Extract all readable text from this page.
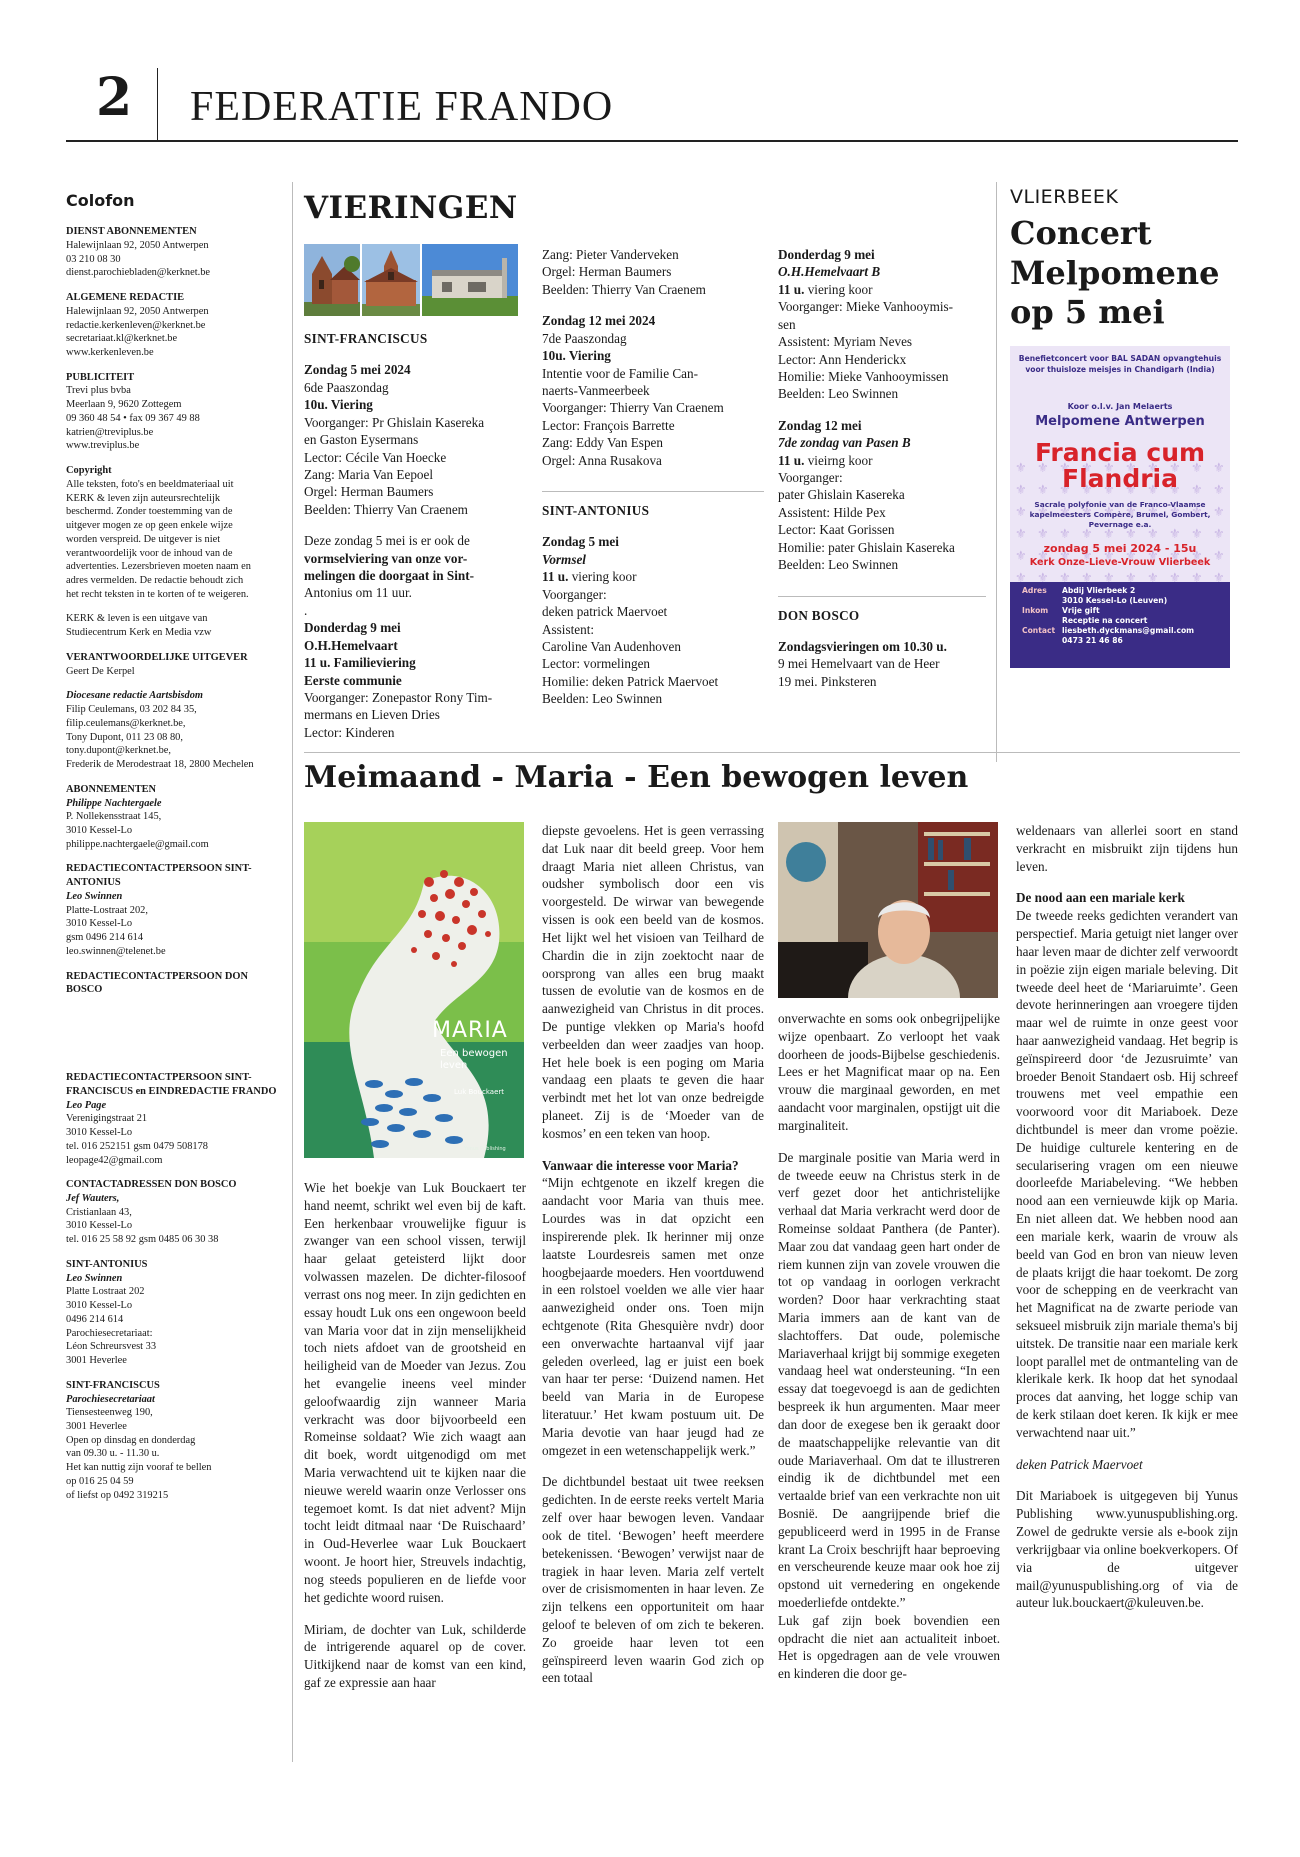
2 FEDERATIE FRANDO
Colofon
DIENST ABONNEMENTEN
Halewijnlaan 92, 2050 Antwerpen
03 210 08 30
dienst.parochiebladen@kerknet.be
ALGEMENE REDACTIE
Halewijnlaan 92, 2050 Antwerpen
redactie.kerkenleven@kerknet.be
secretariaat.kl@kerknet.be
www.kerkenleven.be
PUBLICITEIT
Trevi plus bvba
Meerlaan 9, 9620 Zottegem
09 360 48 54 • fax 09 367 49 88
katrien@treviplus.be
www.treviplus.be
Copyright
Alle teksten, foto's en beeldmateriaal uit
KERK & leven zijn auteursrechtelijk
beschermd. Zonder toestemming van de
uitgever mogen ze op geen enkele wijze
worden verspreid. De uitgever is niet
verantwoordelijk voor de inhoud van de
advertenties. Lezersbrieven moeten naam en
adres vermelden. De redactie behoudt zich
het recht teksten in te korten of te weigeren.
KERK & leven is een uitgave van
Studiecentrum Kerk en Media vzw
VERANTWOORDELIJKE UITGEVER
Geert De Kerpel
Diocesane redactie Aartsbisdom
Filip Ceulemans, 03 202 84 35,
filip.ceulemans@kerknet.be,
Tony Dupont, 011 23 08 80,
tony.dupont@kerknet.be,
Frederik de Merodestraat 18, 2800 Mechelen
ABONNEMENTEN
Philippe Nachtergaele
P. Nollekensstraat 145,
3010 Kessel-Lo
philippe.nachtergaele@gmail.com
REDACTIECONTACTPERSOON SINT-ANTONIUS
Leo Swinnen
Platte-Lostraat 202,
3010 Kessel-Lo
gsm 0496 214 614
leo.swinnen@telenet.be
REDACTIECONTACTPERSOON DON BOSCO
REDACTIECONTACTPERSOON SINT-FRANCISCUS en EINDREDACTIE FRANDO
Leo Page
Verenigingstraat 21
3010 Kessel-Lo
tel. 016 252151 gsm 0479 508178
leopage42@gmail.com
CONTACTADRESSEN DON BOSCO
Jef Wauters,
Cristianlaan 43,
3010 Kessel-Lo
tel. 016 25 58 92 gsm 0485 06 30 38
SINT-ANTONIUS
Leo Swinnen
Platte Lostraat 202
3010 Kessel-Lo
0496 214 614
Parochiesecretariaat:
Léon Schreursvest 33
3001 Heverlee
SINT-FRANCISCUS
Parochiesecretariaat
Tiensesteenweg 190,
3001 Heverlee
Open op dinsdag en donderdag
van 09.30 u. - 11.30 u.
Het kan nuttig zijn vooraf te bellen
op 016 25 04 59
of liefst op 0492 319215
VIERINGEN
SINT-FRANCISCUS

Zondag 5 mei 2024

6de Paaszondag

10u. Viering

Voorganger: Pr Ghislain Kasereka
en Gaston Eysermans
Lector: Cécile Van Hoecke
Zang: Maria Van Eepoel
Orgel: Herman Baumers
Beelden: Thierry Van Craenem
Deze zondag 5 mei is er ook de
vormselviering van onze vor-
melingen die doorgaat in Sint-
Antonius om 11 uur.

.

Donderdag 9 mei

O.H.Hemelvaart

11 u. Familieviering

Eerste communie

Voorganger: Zonepastor Rony Tim-
mermans en Lieven Dries
Lector: Kinderen
Zang: Pieter Vanderveken
Orgel: Herman Baumers
Beelden: Thierry Van Craenem

Zondag 12 mei 2024

7de Paaszondag

10u. Viering

Intentie voor de Familie Can-
naerts-Vanmeerbeek
Voorganger: Thierry Van Craenem
Lector: François Barrette
Zang: Eddy Van Espen
Orgel: Anna Rusakova
SINT-ANTONIUS

Zondag 5 mei

Vormsel

11 u. viering koor

Voorganger:
deken patrick Maervoet
Assistent:
Caroline Van Audenhoven
Lector: vormelingen
Homilie: deken Patrick Maervoet
Beelden: Leo Swinnen

Donderdag 9 mei

O.H.Hemelvaart B

11 u. viering koor

Voorganger: Mieke Vanhooymis-
sen
Assistent: Myriam Neves
Lector: Ann Henderickx
Homilie: Mieke Vanhooymissen
Beelden: Leo Swinnen

Zondag 12 mei

7de zondag van Pasen B

11 u. vieirng koor

Voorganger:
pater Ghislain Kasereka
Assistent: Hilde Pex
Lector: Kaat Gorissen
Homilie: pater Ghislain Kasereka
Beelden: Leo Swinnen
DON BOSCO

Zondagsvieringen om 10.30 u.

9 mei Hemelvaart van de Heer
19 mei. Pinksteren
VLIERBEEK
Concert
Melpomene
op 5 mei
Benefietconcert voor BAL SADAN opvangtehuis
voor thuisloze meisjes in Chandigarh (India)
Koor o.l.v. Jan Melaerts
Melpomene Antwerpen
Francia cum
Flandria
Sacrale polyfonie van de Franco-Vlaamse
kapelmeesters Compère, Brumel, Gombert,
Pevernage e.a.
zondag 5 mei 2024 - 15u
Kerk Onze-Lieve-Vrouw Vlierbeek
Adres

Inkom

Contact
Abdij Vlierbeek 2
3010 Kessel-Lo (Leuven)
Vrije gift
Receptie na concert
liesbeth.dyckmans@gmail.com
0473 21 46 86
Meimaand - Maria - Een bewogen leven
MARIA
Een bewogen
leven
Luk Bouckaert
Yunus Publishing

Wie het boekje van Luk Bouckaert ter hand neemt, schrikt wel even bij de kaft. Een herkenbaar vrouwelijke figuur is zwanger van een school vissen, terwijl haar gelaat geteisterd lijkt door volwassen mazelen. De dichter-filosoof verrast ons nog meer. In zijn gedichten en essay houdt Luk ons een ongewoon beeld van Maria voor dat in zijn menselijkheid toch niets afdoet van de grootsheid en heiligheid van de Moeder van Jezus. Zou het evangelie ineens veel minder geloofwaardig zijn wanneer Maria verkracht was door bijvoorbeeld een Romeinse soldaat? Wie zich waagt aan dit boek, wordt uitgenodigd om met Maria verwachtend uit te kijken naar die nieuwe wereld waarin onze Verlosser ons tegemoet komt. Is dat niet advent? Mijn tocht leidt ditmaal naar ‘De Ruischaard’ in Oud-Heverlee waar Luk Bouckaert woont. Je hoort hier, Streuvels indachtig, nog steeds populieren en de liefde voor het gedichte woord ruisen.

Miriam, de dochter van Luk, schilderde de intrigerende aquarel op de cover. Uitkijkend naar de komst van een kind, gaf ze expressie aan haar

diepste gevoelens. Het is geen verrassing dat Luk naar dit beeld greep. Voor hem draagt Maria niet alleen Christus, van oudsher symbolisch door een vis voorgesteld. De wirwar van bewegende vissen is ook een beeld van de kosmos. Het lijkt wel het visioen van Teilhard de Chardin die in zijn zoektocht naar de oorsprong van alles een brug maakt tussen de evolutie van de kosmos en de aanwezigheid van Christus in dit proces. De puntige vlekken op Maria's hoofd verbeelden dan weer zaadjes van hoop. Het hele boek is een poging om Maria vandaag een plaats te geven die haar verbindt met het lot van onze bedreigde planeet. Zij is de ‘Moeder van de kosmos’ en een teken van hoop.

Vanwaar die interesse voor Maria?

“Mijn echtgenote en ikzelf kregen die aandacht voor Maria van thuis mee. Lourdes was in dat opzicht een inspirerende plek. Ik herinner mij onze laatste Lourdesreis samen met onze hoogbejaarde moeders. Hen voortduwend in een rolstoel voelden we alle vier haar aanwezigheid onder ons. Toen mijn echtgenote (Rita Ghesquière nvdr) door een onverwachte hartaanval vijf jaar geleden overleed, lag er juist een boek van haar ter perse: ‘Duizend namen. Het beeld van Maria in de Europese literatuur.’ Het kwam postuum uit. De Maria devotie van haar jeugd had ze omgezet in een wetenschappelijk werk.”

De dichtbundel bestaat uit twee reeksen gedichten. In de eerste reeks vertelt Maria zelf over haar bewogen leven. Vandaar ook de titel. ‘Bewogen’ heeft meerdere betekenissen. ‘Bewogen’ verwijst naar de tragiek in haar leven. Maria zelf vertelt over de crisismomenten in haar leven. Ze zijn telkens een opportuniteit om haar geloof te beleven of om zich te bekeren. Zo groeide haar leven tot een geïnspireerd leven waarin God zich op een totaal

onverwachte en soms ook onbegrijpelijke wijze openbaart. Zo verloopt het vaak doorheen de joods-Bijbelse geschiedenis. Lees er het Magnificat maar op na. Een vrouw die marginaal geworden, en met aandacht voor marginalen, opstijgt uit die marginaliteit.

De marginale positie van Maria werd in de tweede eeuw na Christus sterk in de verf gezet door het antichristelijke verhaal dat Maria verkracht werd door de Romeinse soldaat Panthera (de Panter). Maar zou dat vandaag geen hart onder de riem kunnen zijn van zovele vrouwen die tot op vandaag in oorlogen verkracht worden? Door haar verkrachting staat Maria immers aan de kant van de slachtoffers. Dat oude, polemische Mariaverhaal krijgt bij sommige exegeten vandaag heel wat ondersteuning. “In een essay dat toegevoegd is aan de gedichten bespreek ik hun argumenten. Maar meer dan door de exegese ben ik geraakt door de maatschappelijke relevantie van dit oude Mariaverhaal. Om dat te illustreren eindig ik de dichtbundel met een vertaalde brief van een verkrachte non uit Bosnië. De aangrijpende brief die gepubliceerd werd in 1995 in de Franse krant La Croix beschrijft haar beproeving en verscheurende keuze maar ook hoe zij opstond uit vernedering en ongekende moederliefde ontdekte.”

Luk gaf zijn boek bovendien een opdracht die niet aan actualiteit inboet. Het is opgedragen aan de vele vrouwen en kinderen die door ge-

weldenaars van allerlei soort en stand verkracht en misbruikt zijn tijdens hun leven.

De nood aan een mariale kerk

De tweede reeks gedichten verandert van perspectief. Maria getuigt niet langer over haar leven maar de dichter zelf verwoordt in poëzie zijn eigen mariale beleving. Dit tweede deel heet de ‘Mariaruimte’. Geen devote herinneringen aan vroegere tijden maar wel de ruimte in onze geest voor haar aanwezigheid vandaag. Het begrip is geïnspireerd door ‘de Jezusruimte’ van broeder Benoit Standaert osb. Hij schreef trouwens met veel empathie een voorwoord voor dit Mariaboek. Deze dichtbundel is meer dan vrome poëzie. De huidige culturele kentering en de secularisering vragen om een nieuwe doorleefde Mariabeleving. “We hebben nood aan een vernieuwde kijk op Maria. En niet alleen dat. We hebben nood aan een mariale kerk, waarin de vrouw als beeld van God en bron van nieuw leven de plaats krijgt die haar toekomt. De zorg voor de schepping en de veerkracht van het Magnificat na de zwarte periode van seksueel misbruik zijn mariale thema's bij uitstek. De transitie naar een mariale kerk loopt parallel met de ontmanteling van de klerikale kerk. Ik hoop dat het synodaal proces dat aanving, het logge schip van de kerk stilaan doet keren. Ik kijk er mee verwachtend naar uit.”

deken Patrick Maervoet

Dit Mariaboek is uitgegeven bij Yunus Publishing www.yunuspublishing.org. Zowel de gedrukte versie als e-book zijn verkrijgbaar via online boekverkopers. Of via de uitgever mail@yunuspublishing.org of via de auteur luk.bouckaert@kuleuven.be.
